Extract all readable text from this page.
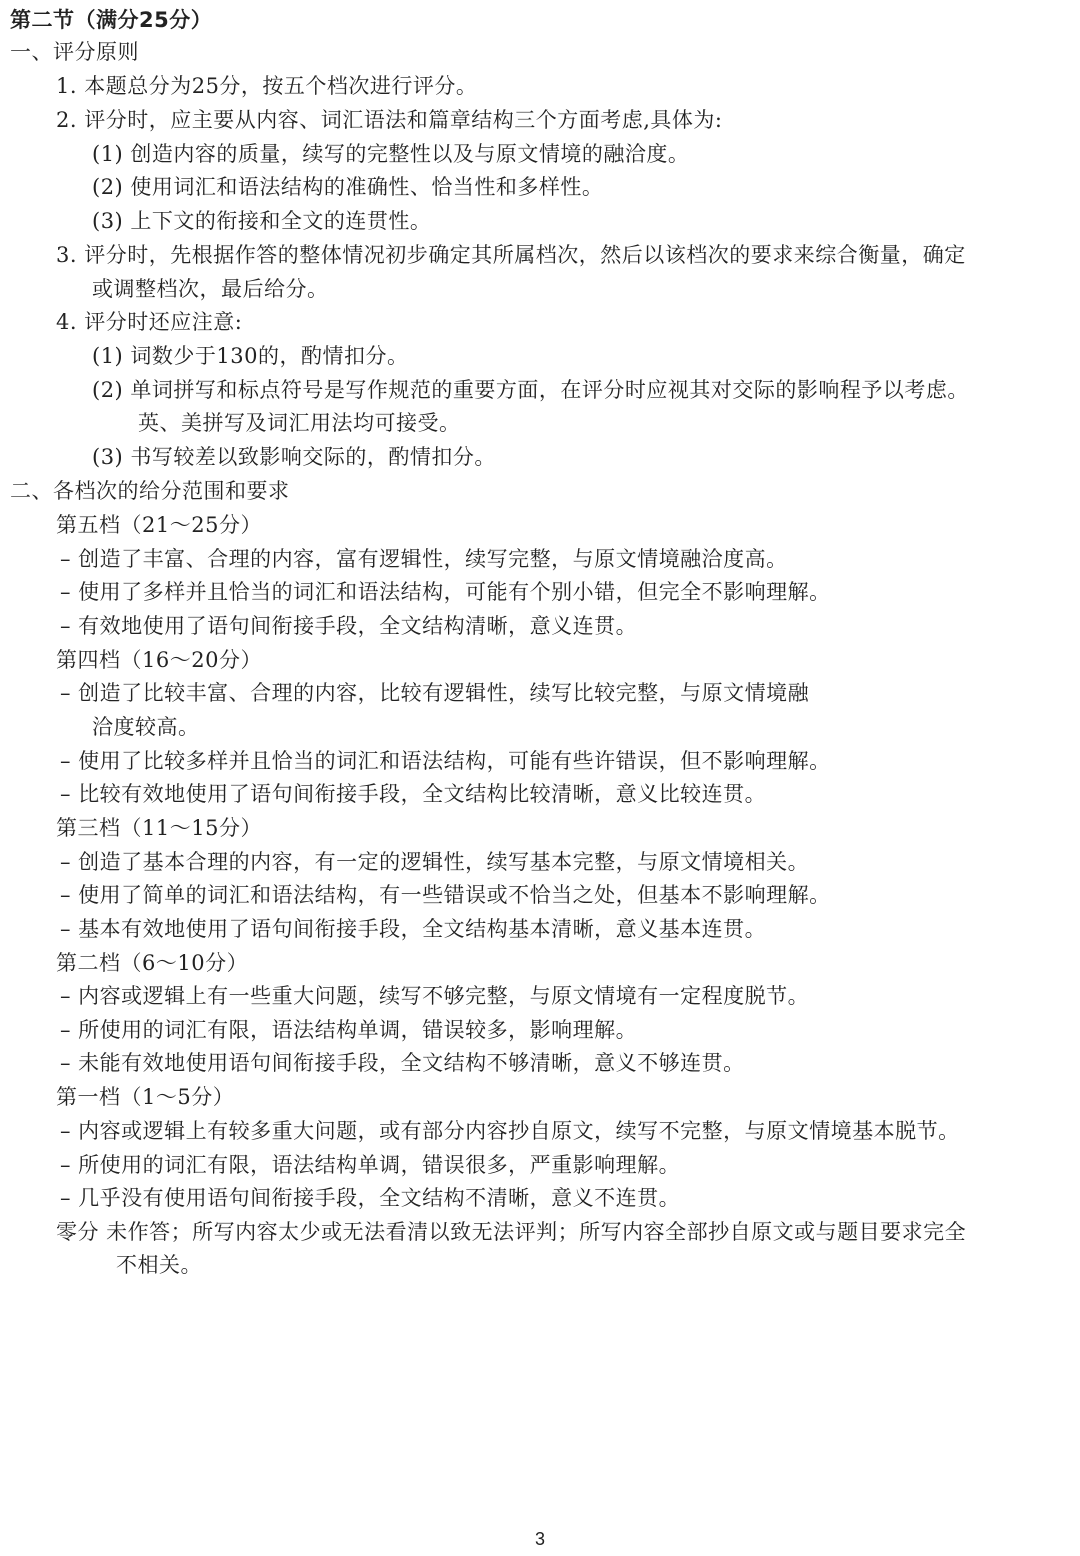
第二节（满分25分）
一、评分原则
1. 本题总分为25分，按五个档次进行评分。
2. 评分时，应主要从内容、词汇语法和篇章结构三个方面考虑,具体为:
(1) 创造内容的质量，续写的完整性以及与原文情境的融洽度。
(2) 使用词汇和语法结构的准确性、恰当性和多样性。
(3) 上下文的衔接和全文的连贯性。
3. 评分时，先根据作答的整体情况初步确定其所属档次，然后以该档次的要求来综合衡量，确定
或调整档次，最后给分。
4. 评分时还应注意:
(1) 词数少于130的，酌情扣分。
(2) 单词拼写和标点符号是写作规范的重要方面，在评分时应视其对交际的影响程予以考虑。
英、美拼写及词汇用法均可接受。
(3) 书写较差以致影响交际的，酌情扣分。
二、各档次的给分范围和要求
第五档（21～25分）
– 创造了丰富、合理的内容，富有逻辑性，续写完整，与原文情境融洽度高。
– 使用了多样并且恰当的词汇和语法结构，可能有个别小错，但完全不影响理解。
– 有效地使用了语句间衔接手段，全文结构清晰，意义连贯。
第四档（16～20分）
– 创造了比较丰富、合理的内容，比较有逻辑性，续写比较完整，与原文情境融
洽度较高。
– 使用了比较多样并且恰当的词汇和语法结构，可能有些许错误，但不影响理解。
– 比较有效地使用了语句间衔接手段，全文结构比较清晰，意义比较连贯。
第三档（11～15分）
– 创造了基本合理的内容，有一定的逻辑性，续写基本完整，与原文情境相关。
– 使用了简单的词汇和语法结构，有一些错误或不恰当之处，但基本不影响理解。
– 基本有效地使用了语句间衔接手段，全文结构基本清晰，意义基本连贯。
第二档（6～10分）
– 内容或逻辑上有一些重大问题，续写不够完整，与原文情境有一定程度脱节。
– 所使用的词汇有限，语法结构单调，错误较多，影响理解。
– 未能有效地使用语句间衔接手段，全文结构不够清晰，意义不够连贯。
第一档（1～5分）
– 内容或逻辑上有较多重大问题，或有部分内容抄自原文，续写不完整，与原文情境基本脱节。
– 所使用的词汇有限，语法结构单调，错误很多，严重影响理解。
– 几乎没有使用语句间衔接手段，全文结构不清晰，意义不连贯。
零分 未作答；所写内容太少或无法看清以致无法评判；所写内容全部抄自原文或与题目要求完全
不相关。
3
